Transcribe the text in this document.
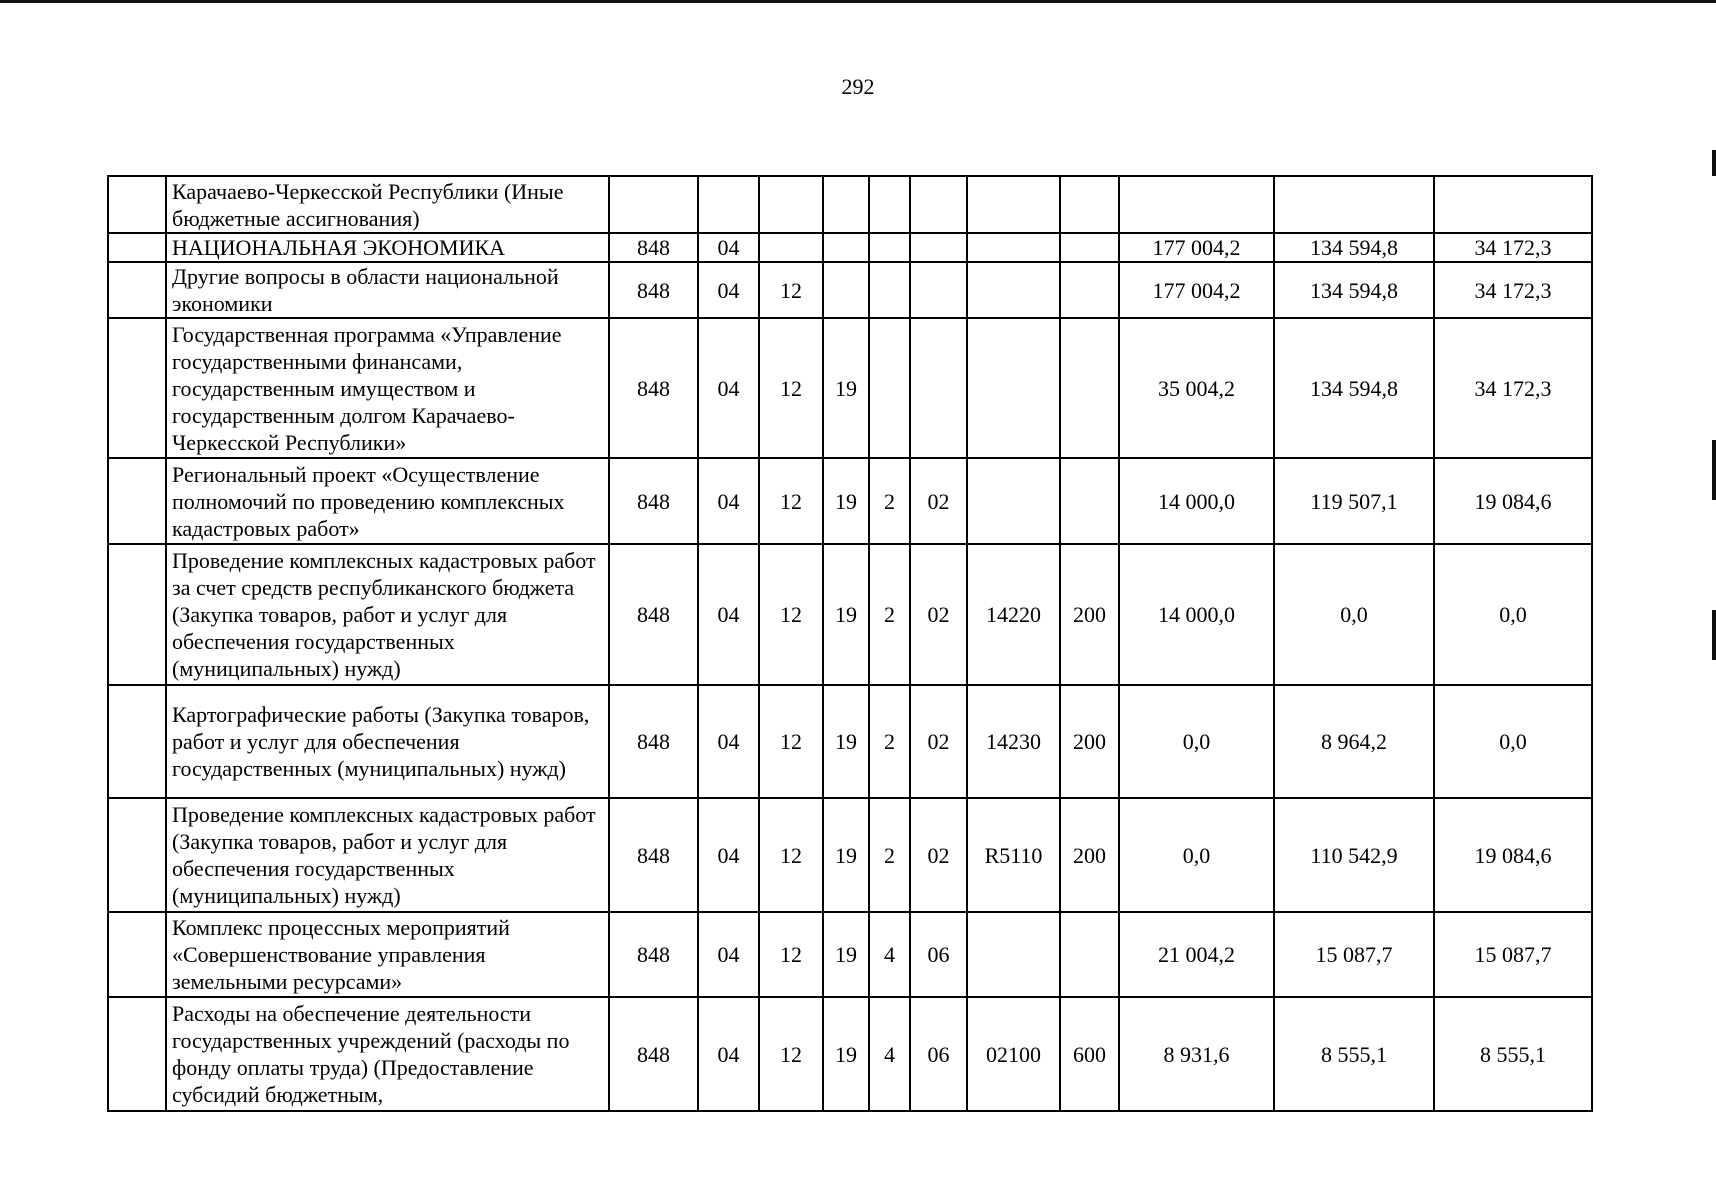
292
	Карачаево-Черкесской Республики (Иные бюджетные ассигнования)											
	НАЦИОНАЛЬНАЯ ЭКОНОМИКА	848	04							177 004,2	134 594,8	34 172,3
	Другие вопросы в области национальной экономики	848	04	12						177 004,2	134 594,8	34 172,3
	Государственная программа «Управление государственными финансами, государственным имуществом и государственным долгом Карачаево-Черкесской Республики»	848	04	12	19					35 004,2	134 594,8	34 172,3
	Региональный проект «Осуществление полномочий по проведению комплексных кадастровых работ»	848	04	12	19	2	02			14 000,0	119 507,1	19 084,6
	Проведение комплексных кадастровых работ за счет средств республиканского бюджета (Закупка товаров, работ и услуг для обеспечения государственных (муниципальных) нужд)	848	04	12	19	2	02	14220	200	14 000,0	0,0	0,0
	Картографические работы (Закупка товаров, работ и услуг для обеспечения государственных (муниципальных) нужд)	848	04	12	19	2	02	14230	200	0,0	8 964,2	0,0
	Проведение комплексных кадастровых работ (Закупка товаров, работ и услуг для обеспечения государственных (муниципальных) нужд)	848	04	12	19	2	02	R5110	200	0,0	110 542,9	19 084,6
	Комплекс процессных мероприятий «Совершенствование управления земельными ресурсами»	848	04	12	19	4	06			21 004,2	15 087,7	15 087,7
	Расходы на обеспечение деятельности государственных учреждений (расходы по фонду оплаты труда) (Предоставление субсидий бюджетным,	848	04	12	19	4	06	02100	600	8 931,6	8 555,1	8 555,1
